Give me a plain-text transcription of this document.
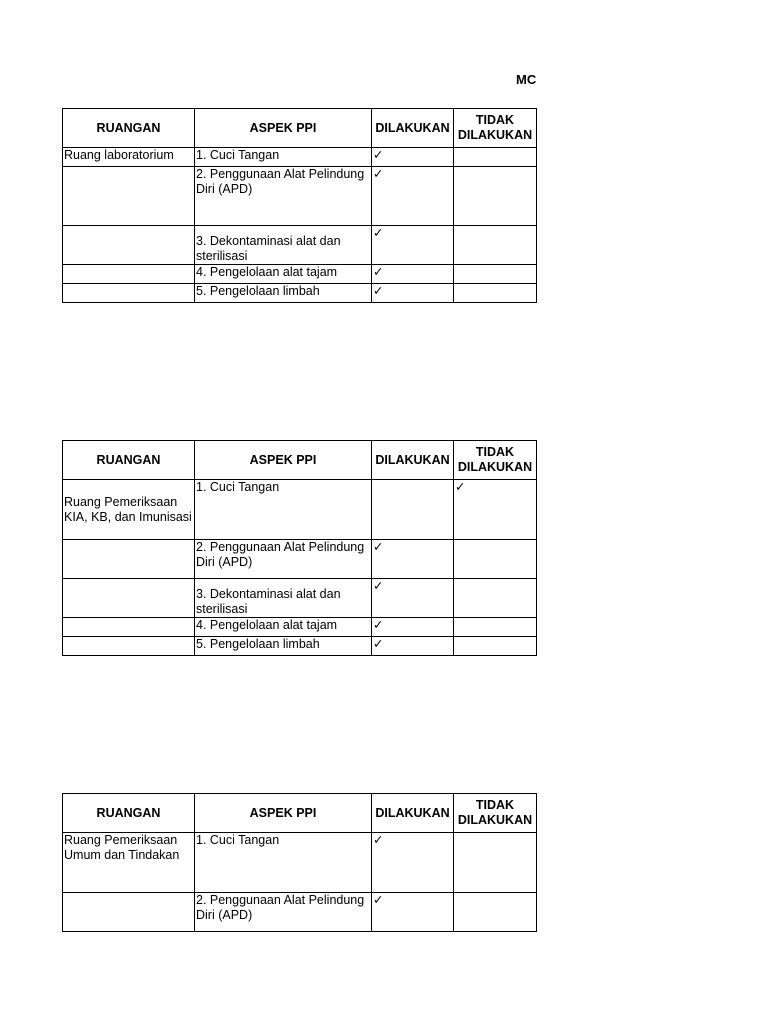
MC
RUANGAN	ASPEK PPI	DILAKUKAN	TIDAK DILAKUKAN
Ruang laboratorium	1. Cuci Tangan	✓	
	2. Penggunaan Alat Pelindung Diri (APD)	✓	
	3. Dekontaminasi alat dan sterilisasi	✓	
	4. Pengelolaan alat tajam	✓	
	5. Pengelolaan limbah	✓	
RUANGAN	ASPEK PPI	DILAKUKAN	TIDAK DILAKUKAN
Ruang Pemeriksaan KIA, KB, dan Imunisasi	1. Cuci Tangan		✓
	2. Penggunaan Alat Pelindung Diri (APD)	✓	
	3. Dekontaminasi alat dan sterilisasi	✓	
	4. Pengelolaan alat tajam	✓	
	5. Pengelolaan limbah	✓	
RUANGAN	ASPEK PPI	DILAKUKAN	TIDAK DILAKUKAN
Ruang Pemeriksaan Umum dan Tindakan	1. Cuci Tangan	✓	
	2. Penggunaan Alat Pelindung Diri (APD)	✓	
